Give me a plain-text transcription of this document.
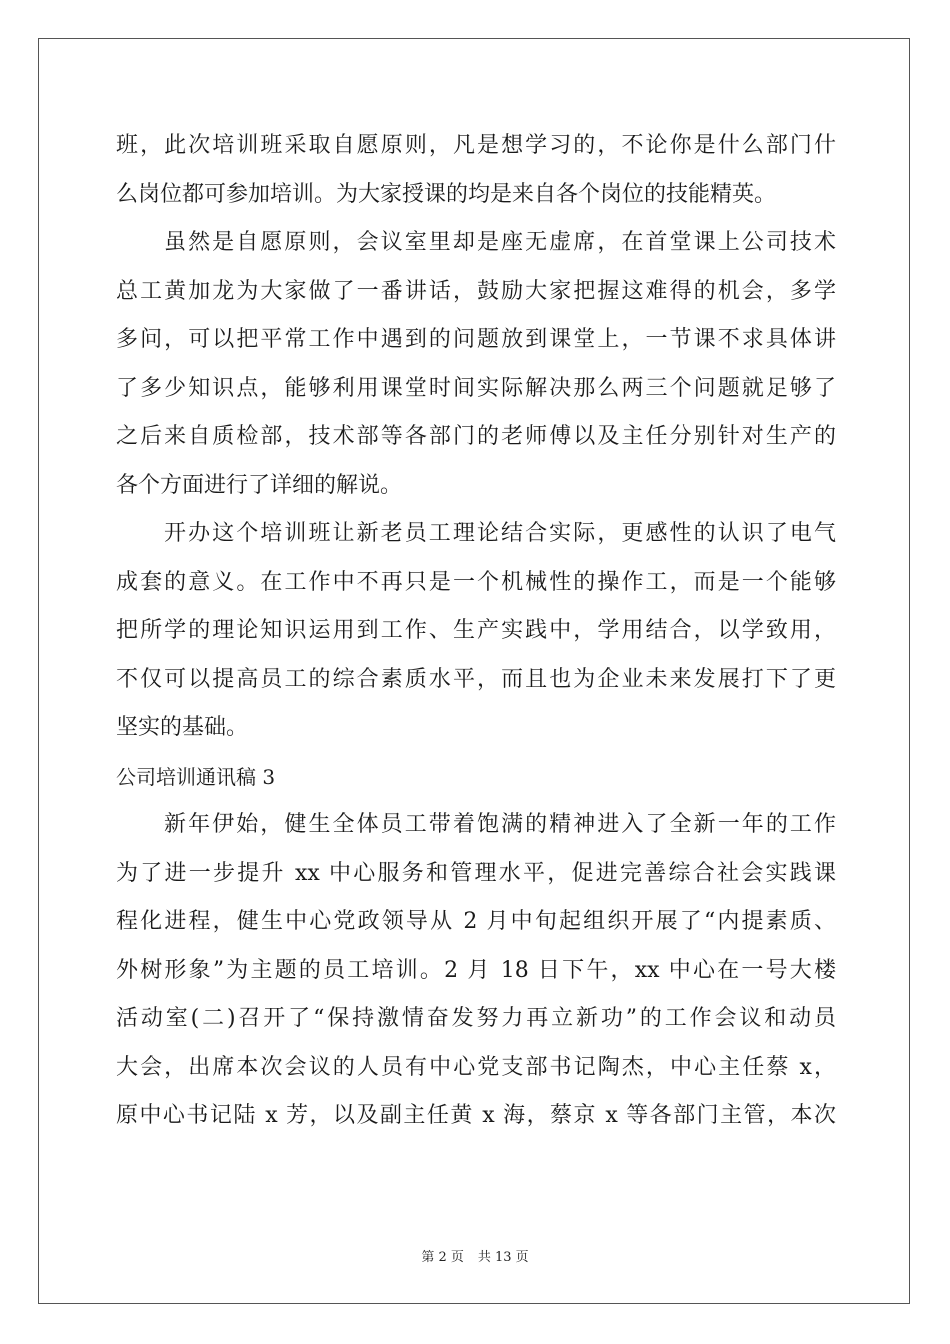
班，此次培训班采取自愿原则，凡是想学习的，不论你是什么部门什
么岗位都可参加培训。为大家授课的均是来自各个岗位的技能精英。
虽然是自愿原则，会议室里却是座无虚席，在首堂课上公司技术
总工黄加龙为大家做了一番讲话，鼓励大家把握这难得的机会，多学
多问，可以把平常工作中遇到的问题放到课堂上，一节课不求具体讲
了多少知识点，能够利用课堂时间实际解决那么两三个问题就足够了
之后来自质检部，技术部等各部门的老师傅以及主任分别针对生产的
各个方面进行了详细的解说。
开办这个培训班让新老员工理论结合实际，更感性的认识了电气
成套的意义。在工作中不再只是一个机械性的操作工，而是一个能够
把所学的理论知识运用到工作、生产实践中，学用结合，以学致用，
不仅可以提高员工的综合素质水平，而且也为企业未来发展打下了更
坚实的基础。
公司培训通讯稿 3
新年伊始，健生全体员工带着饱满的精神进入了全新一年的工作
为了进一步提升 xx 中心服务和管理水平，促进完善综合社会实践课
程化进程，健生中心党政领导从 2 月中旬起组织开展了“内提素质、
外树形象”为主题的员工培训。2 月 18 日下午，xx 中心在一号大楼
活动室(二)召开了“保持激情奋发努力再立新功”的工作会议和动员
大会，出席本次会议的人员有中心党支部书记陶杰，中心主任蔡 x，
原中心书记陆 x 芳，以及副主任黄 x 海，蔡京 x 等各部门主管，本次
第 2 页 共 13 页
